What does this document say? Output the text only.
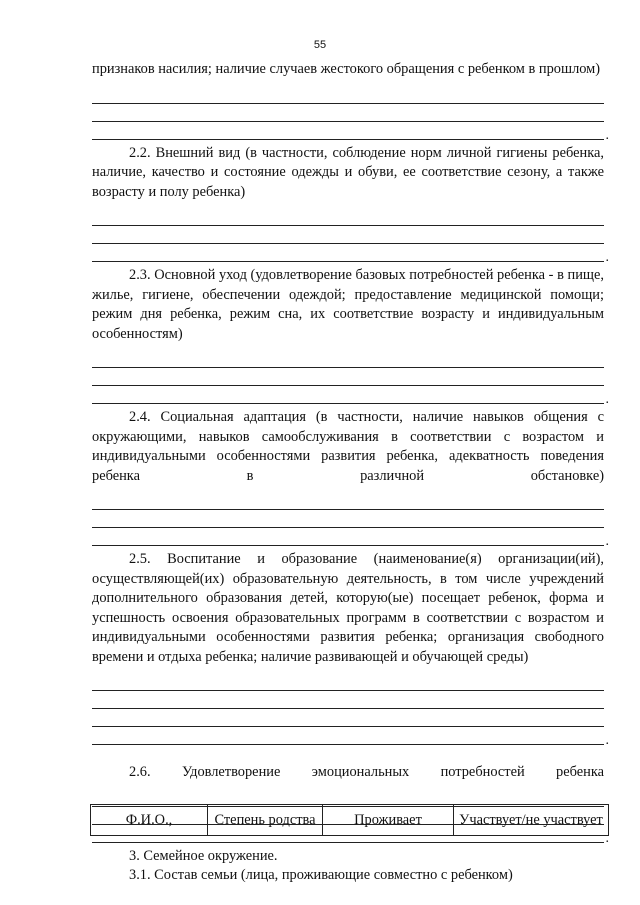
55

признаков насилия; наличие случаев жестокого обращения с ребенком в прошлом)

.

2.2. Внешний вид (в частности, соблюдение норм личной гигиены ребенка, наличие, качество и состояние одежды и обуви, ее соответствие сезону, а также возрасту и полу ребенка)

.

2.3. Основной уход (удовлетворение базовых потребностей ребенка - в пище, жилье, гигиене, обеспечении одеждой; предоставление медицинской помощи; режим дня ребенка, режим сна, их соответствие возрасту и индивидуальным особенностям)

.

2.4. Социальная адаптация (в частности, наличие навыков общения с окружающими, навыков самообслуживания в соответствии с возрастом и индивидуальными особенностями развития ребенка, адекватность поведения ребенка в различной обстановке)

.

2.5. Воспитание и образование (наименование(я) организации(ий), осуществляющей(их) образовательную деятельность, в том числе учреждений дополнительного образования детей, которую(ые) посещает ребенок, форма и успешность освоения образовательных программ в соответствии с возрастом и индивидуальными особенностями развития ребенка; организация свободного времени и отдыха ребенка; наличие развивающей и обучающей среды)

.

2.6. Удовлетворение эмоциональных потребностей ребенка

.

3. Семейное окружение.

3.1. Состав семьи (лица, проживающие совместно с ребенком)

Ф.И.О.,	Степень родства	Проживает	Участвует/не участвует
